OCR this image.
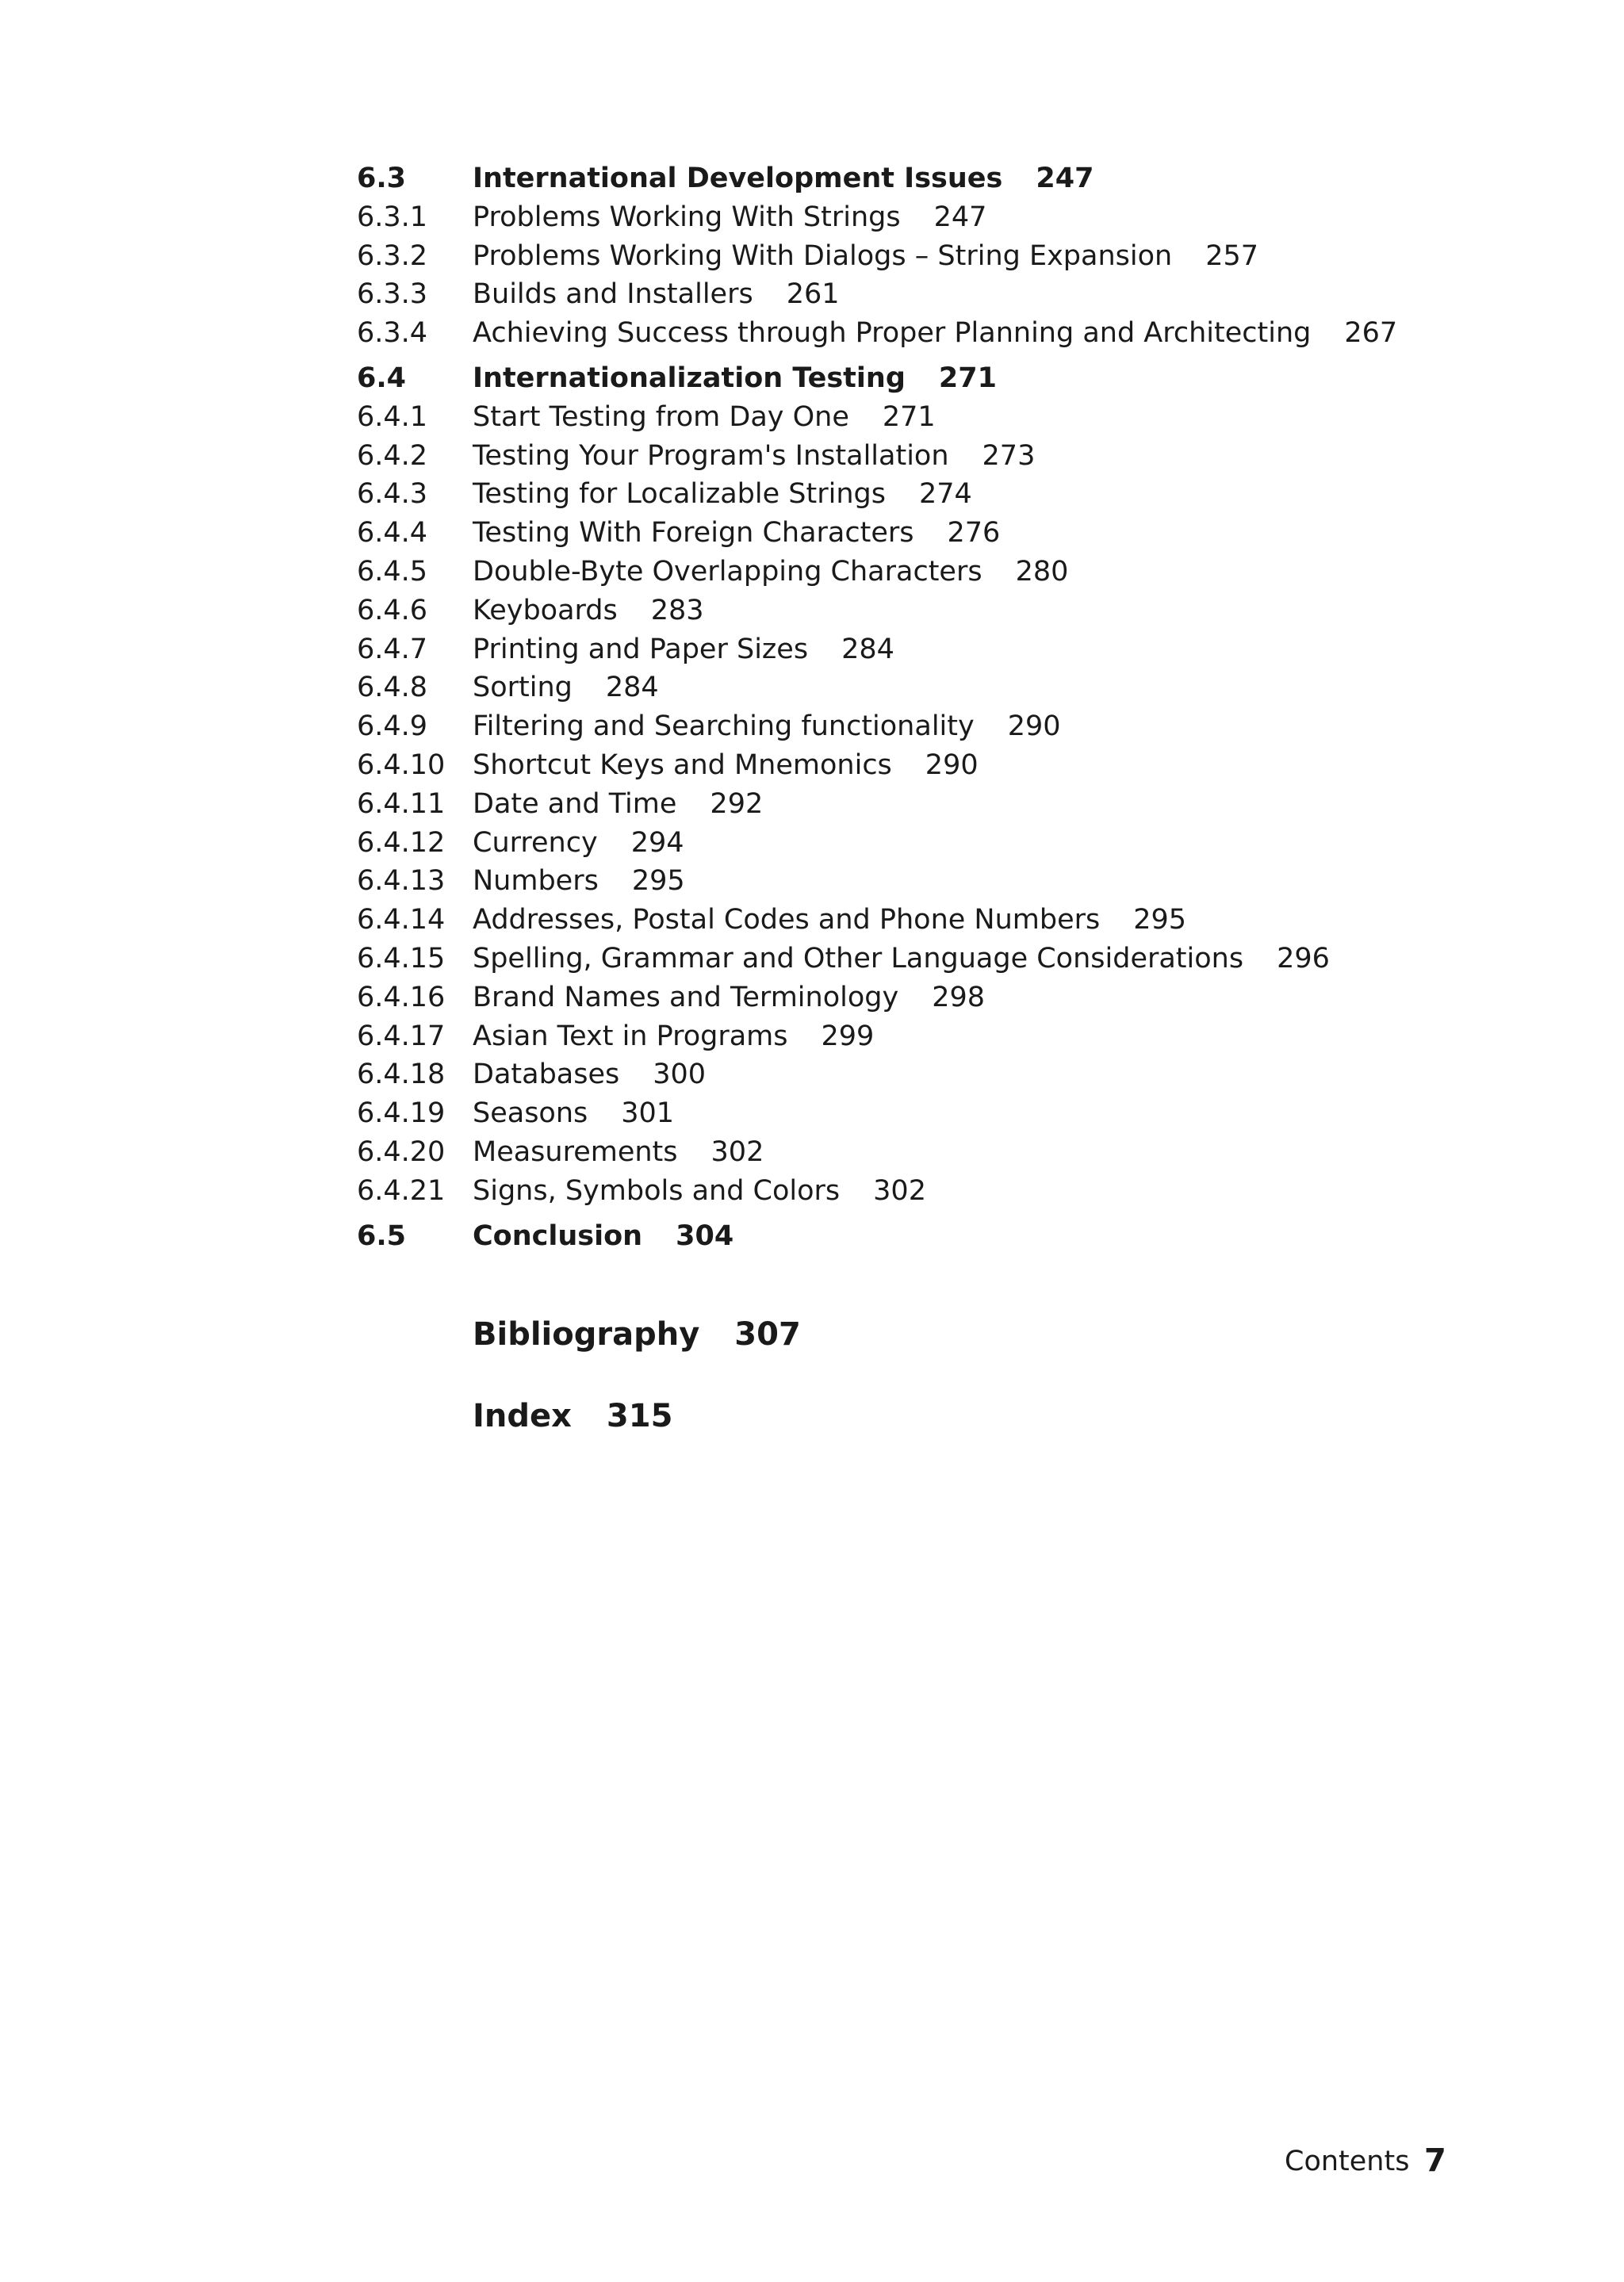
6.3	International Development Issues 247
6.3.1	Problems Working With Strings 247
6.3.2	Problems Working With Dialogs – String Expansion 257
6.3.3	Builds and Installers 261
6.3.4	Achieving Success through Proper Planning and Architecting 267
6.4	Internationalization Testing 271
6.4.1	Start Testing from Day One 271
6.4.2	Testing Your Program's Installation 273
6.4.3	Testing for Localizable Strings 274
6.4.4	Testing With Foreign Characters 276
6.4.5	Double-Byte Overlapping Characters 280
6.4.6	Keyboards 283
6.4.7	Printing and Paper Sizes 284
6.4.8	Sorting 284
6.4.9	Filtering and Searching functionality 290
6.4.10 Shortcut Keys and Mnemonics 290
6.4.11 Date and Time 292
6.4.12 Currency 294
6.4.13 Numbers 295
6.4.14 Addresses, Postal Codes and Phone Numbers 295
6.4.15 Spelling, Grammar and Other Language Considerations 296
6.4.16 Brand Names and Terminology 298
6.4.17 Asian Text in Programs 299
6.4.18 Databases 300
6.4.19 Seasons 301
6.4.20 Measurements 302
6.4.21 Signs, Symbols and Colors 302
6.5	Conclusion 304
Bibliography 307
Index 315
Contents 7
